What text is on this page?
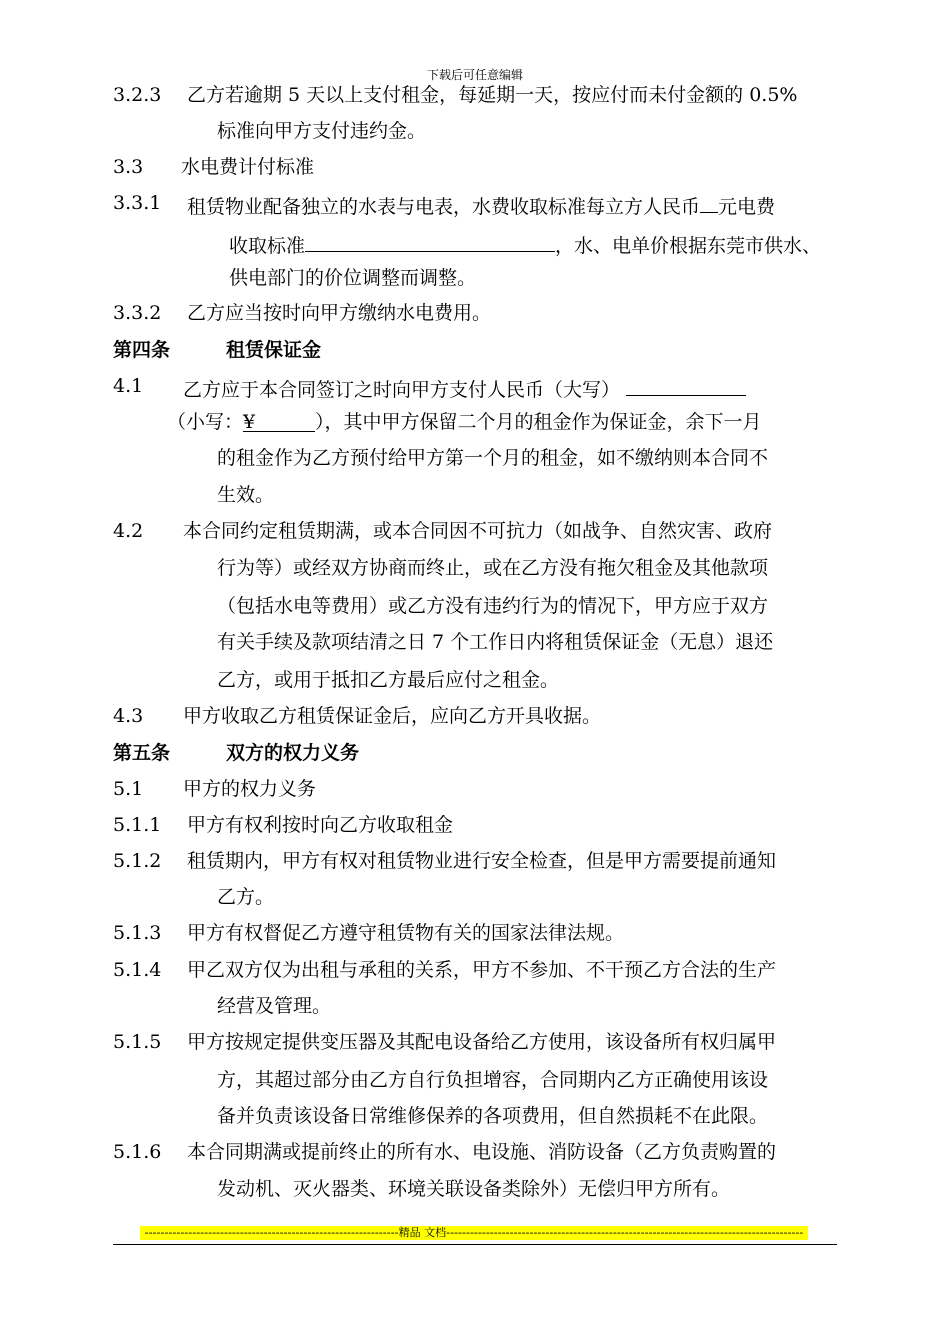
下载后可任意编辑
3.2.3 乙方若逾期 5 天以上支付租金，每延期一天，按应付而未付金额的 0.5%
标准向甲方支付违约金。
3.3 水电费计付标准
3.3.1 租赁物业配备独立的水表与电表，水费收取标准每立方人民币 元电费
收取标准	，水、电单价根据东莞市供水、
供电部门的价位调整而调整。
3.3.2 乙方应当按时向甲方缴纳水电费用。
第四条	租赁保证金
4.1 乙方应于本合同签订之时向甲方支付人民币（大写）
（小写：¥	），其中甲方保留二个月的租金作为保证金，余下一月
的租金作为乙方预付给甲方第一个月的租金，如不缴纳则本合同不
生效。
4.2 本合同约定租赁期满，或本合同因不可抗力（如战争、自然灾害、政府
行为等）或经双方协商而终止，或在乙方没有拖欠租金及其他款项
（包括水电等费用）或乙方没有违约行为的情况下，甲方应于双方
有关手续及款项结清之日 7 个工作日内将租赁保证金（无息）退还
乙方，或用于抵扣乙方最后应付之租金。
4.3 甲方收取乙方租赁保证金后，应向乙方开具收据。
第五条	双方的权力义务
5.1 甲方的权力义务
5.1.1 甲方有权利按时向乙方收取租金
5.1.2 租赁期内，甲方有权对租赁物业进行安全检查，但是甲方需要提前通知
乙方。
5.1.3 甲方有权督促乙方遵守租赁物有关的国家法律法规。
5.1.4 甲乙双方仅为出租与承租的关系，甲方不参加、不干预乙方合法的生产
经营及管理。
5.1.5 甲方按规定提供变压器及其配电设备给乙方使用，该设备所有权归属甲
方，其超过部分由乙方自行负担增容，合同期内乙方正确使用该设
备并负责该设备日常维修保养的各项费用，但自然损耗不在此限。
5.1.6 本合同期满或提前终止的所有水、电设施、消防设备（乙方负责购置的
发动机、灭火器类、环境关联设备类除外）无偿归甲方所有。
----------------------------------------------------------------精品 文档------------------------------------------------------------------------------------------
